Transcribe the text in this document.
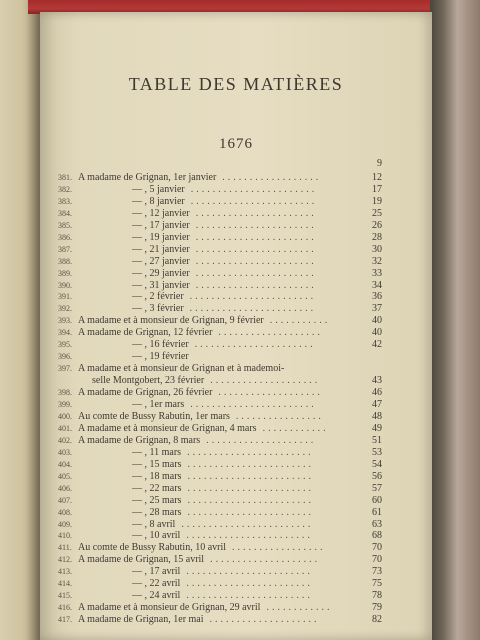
TABLE DES MATIÈRES
1676
9
381. A madame de Grignan, 1er janvier ..................	12
382.	— , 5 janvier .......................	17
383.	— , 8 janvier .......................	19
384.	— , 12 janvier ......................	25
385.	— , 17 janvier ......................	26
386.	— , 19 janvier ......................	28
387.	— , 21 janvier ......................	30
388.	— , 27 janvier ......................	32
389.	— , 29 janvier ......................	33
390.	— , 31 janvier ......................	34
391.	— , 2 février .......................	36
392.	— , 3 février .......................	37
393. A madame et à monsieur de Grignan, 9 février ...........	40
394. A madame de Grignan, 12 février ...................	40
395.	— , 16 février ......................	42
396.	— , 19 février
397. A madame et à monsieur de Grignan et à mademoi-
selle Montgobert, 23 février ....................	43
398. A madame de Grignan, 26 février ...................	46
399.	— , 1er mars .......................	47
400. Au comte de Bussy Rabutin, 1er mars ................	48
401. A madame et à monsieur de Grignan, 4 mars ............	49
402. A madame de Grignan, 8 mars ....................	51
403.	— , 11 mars .......................	53
404.	— , 15 mars .......................	54
405.	— , 18 mars .......................	56
406.	— , 22 mars .......................	57
407.	— , 25 mars .......................	60
408.	— , 28 mars .......................	61
409.	— , 8 avril ........................	63
410.	— , 10 avril .......................	68
411. Au comte de Bussy Rabutin, 10 avril .................	70
412. A madame de Grignan, 15 avril ....................	70
413.	— , 17 avril .......................	73
414.	— , 22 avril .......................	75
415.	— , 24 avril .......................	78
416. A madame et à monsieur de Grignan, 29 avril ............	79
417. A madame de Grignan, 1er mai ....................	82
